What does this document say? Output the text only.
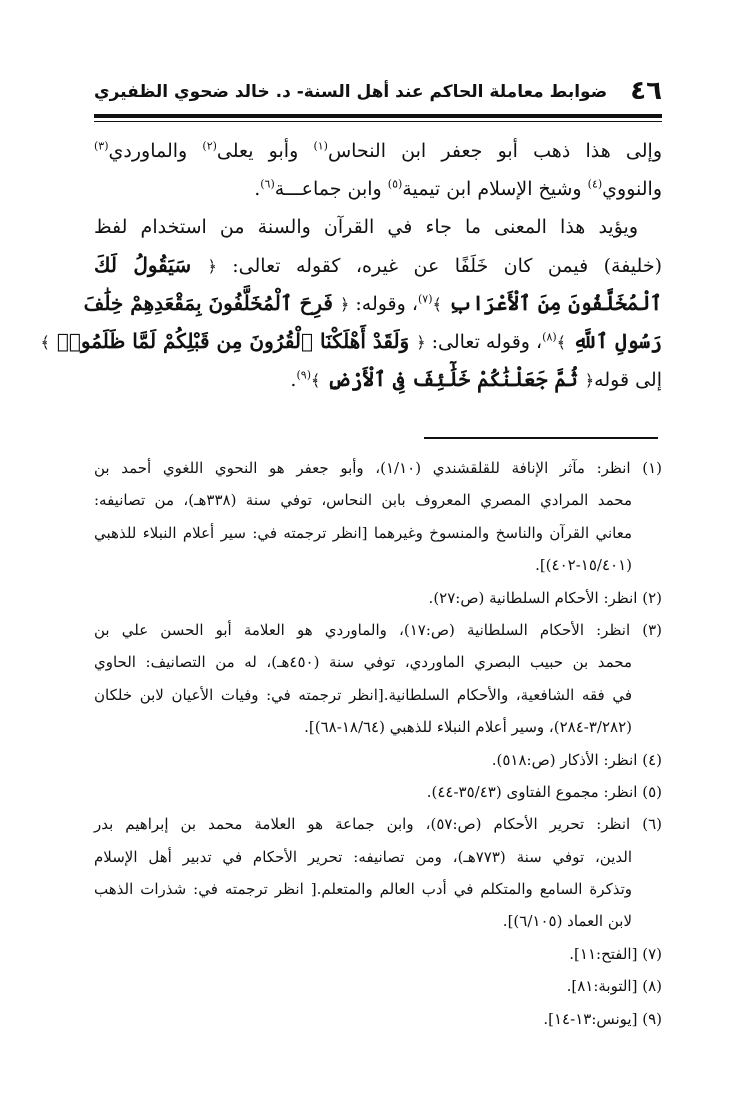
٤٦
ضوابط معاملة الحاكم عند أهل السنة- د. خالد ضحوي الظفيري
وإلى هذا ذهب أبو جعفر ابن النحاس$^{(١)}$ وأبو يعلى$^{(٢)}$ والماوردي$^{(٣)}$
والنووي$^{(٤)}$ وشيخ الإسلام ابن تيمية$^{(٥)}$ وابن جماعـــة$^{(٦)}$.
ويؤيد هذا المعنى ما جاء في القرآن والسنة من استخدام لفظ
(خليفة) فيمن كان خَلَفًا عن غيره، كقوله تعالى: ﴿ سَيَقُولُ لَكَ
ٱلْمُخَلَّفُونَ مِنَ ٱلْأَعْرَابِ ﴾$^{(٧)}$، وقوله: ﴿ فَرِحَ ٱلْمُخَلَّفُونَ بِمَقْعَدِهِمْ خِلَٰفَ
رَسُولِ ٱللَّهِ ﴾$^{(٨)}$، وقوله تعالى: ﴿ وَلَقَدْ أَهْلَكْنَا ٱلْقُرُونَ مِن قَبْلِكُمْ لَمَّا ظَلَمُوا۟ ﴾
إلى قوله﴿ ثُمَّ جَعَلْنَٰكُمْ خَلَٰٓئِفَ فِى ٱلْأَرْضِ ﴾$^{(٩)}$.
(١) انظر: مآثر الإنافة للقلقشندي (١/١٠)، وأبو جعفر هو النحوي اللغوي أحمد بن
محمد المرادي المصري المعروف بابن النحاس، توفي سنة (٣٣٨هـ)، من تصانيفه:
معاني القرآن والناسخ والمنسوخ وغيرهما [انظر ترجمته في: سير أعلام النبلاء للذهبي
(١٥/٤٠١-٤٠٢)].
(٢) انظر: الأحكام السلطانية (ص:٢٧).
(٣) انظر: الأحكام السلطانية (ص:١٧)، والماوردي هو العلامة أبو الحسن علي بن
محمد بن حبيب البصري الماوردي، توفي سنة (٤٥٠هـ)، له من التصانيف: الحاوي
في فقه الشافعية، والأحكام السلطانية.[انظر ترجمته في: وفيات الأعيان لابن خلكان
(٣/٢٨٢-٢٨٤)، وسير أعلام النبلاء للذهبي (١٨/٦٤-٦٨)].
(٤) انظر: الأذكار (ص:٥١٨).
(٥) انظر: مجموع الفتاوى (٣٥/٤٣-٤٤).
(٦) انظر: تحرير الأحكام (ص:٥٧)، وابن جماعة هو العلامة محمد بن إبراهيم بدر
الدين، توفي سنة (٧٧٣هـ)، ومن تصانيفه: تحرير الأحكام في تدبير أهل الإسلام
وتذكرة السامع والمتكلم في أدب العالم والمتعلم.[ انظر ترجمته في: شذرات الذهب
لابن العماد (٦/١٠٥)].
(٧) [الفتح:١١].
(٨) [التوبة:٨١].
(٩) [يونس:١٣-١٤].
